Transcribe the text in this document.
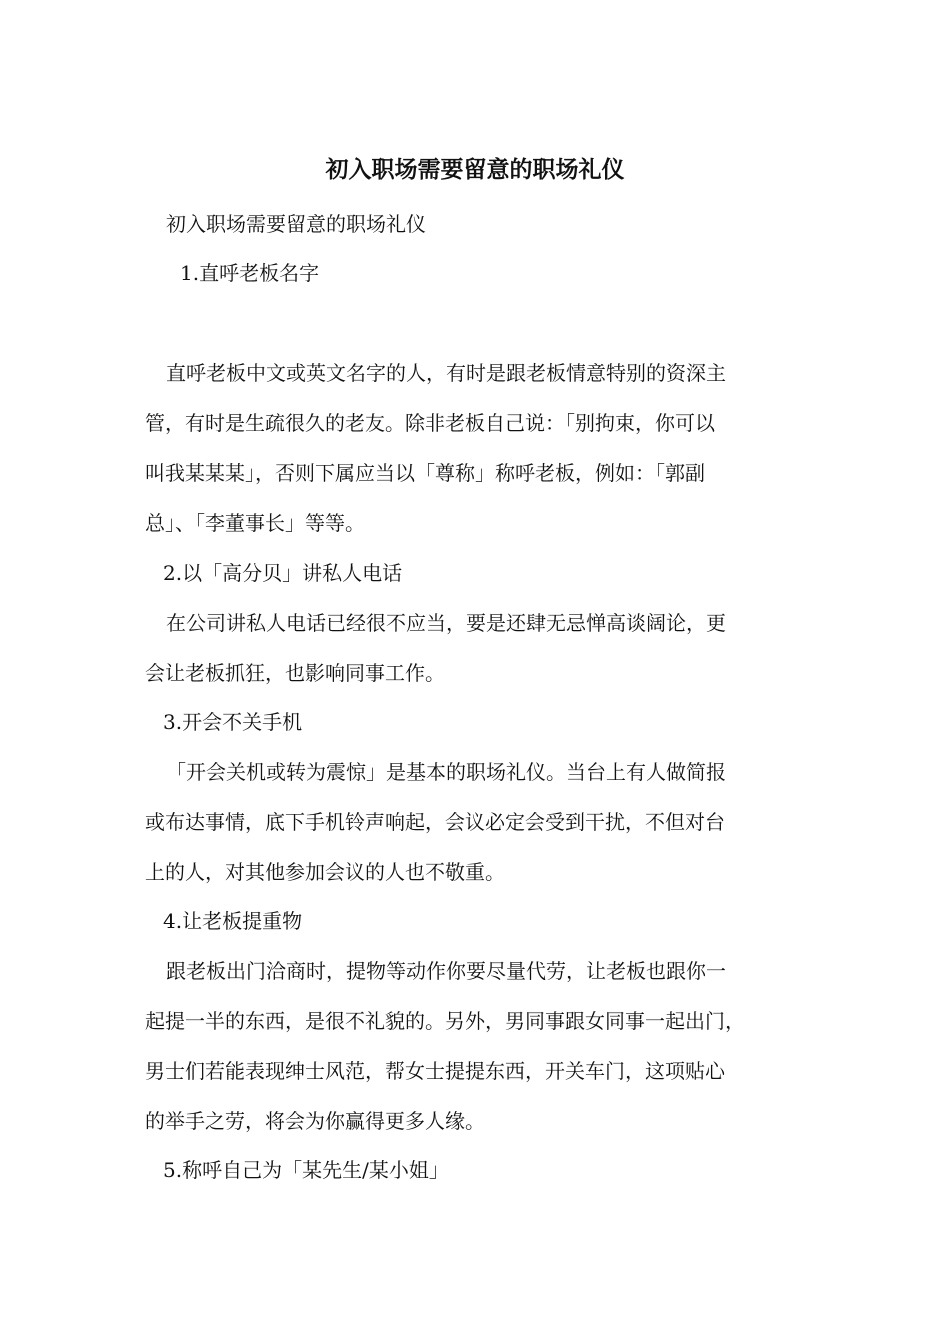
初入职场需要留意的职场礼仪

初入职场需要留意的职场礼仪

1.直呼老板名字

直呼老板中文或英文名字的人，有时是跟老板情意特别的资深主

管，有时是生疏很久的老友。除非老板自己说：「别拘束，你可以

叫我某某某」，否则下属应当以「尊称」称呼老板，例如：「郭副

总」、「李董事长」等等。

2.以「高分贝」讲私人电话

在公司讲私人电话已经很不应当，要是还肆无忌惮高谈阔论，更

会让老板抓狂，也影响同事工作。

3.开会不关手机

「开会关机或转为震惊」是基本的职场礼仪。当台上有人做简报

或布达事情，底下手机铃声响起，会议必定会受到干扰，不但对台

上的人，对其他参加会议的人也不敬重。

4.让老板提重物

跟老板出门洽商时，提物等动作你要尽量代劳，让老板也跟你一

起提一半的东西，是很不礼貌的。另外，男同事跟女同事一起出门，

男士们若能表现绅士风范，帮女士提提东西，开关车门，这项贴心

的举手之劳，将会为你赢得更多人缘。

5.称呼自己为「某先生/某小姐」
